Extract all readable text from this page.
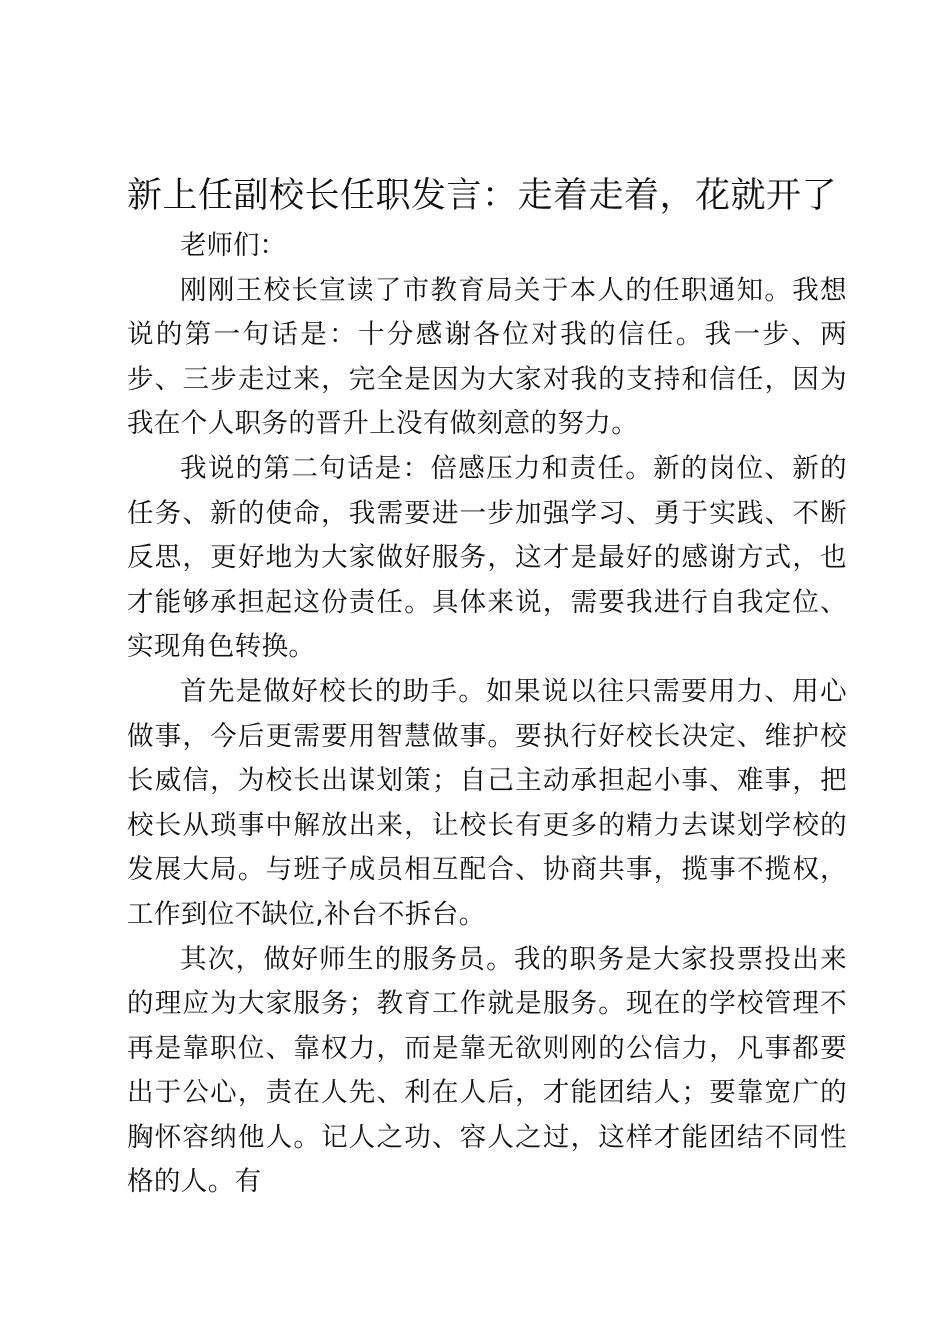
新上任副校长任职发言：走着走着，花就开了

老师们：

刚刚王校长宣读了市教育局关于本人的任职通知。我想说的第一句话是：十分感谢各位对我的信任。我一步、两步、三步走过来，完全是因为大家对我的支持和信任，因为我在个人职务的晋升上没有做刻意的努力。

我说的第二句话是：倍感压力和责任。新的岗位、新的任务、新的使命，我需要进一步加强学习、勇于实践、不断反思，更好地为大家做好服务，这才是最好的感谢方式，也才能够承担起这份责任。具体来说，需要我进行自我定位、实现角色转换。

首先是做好校长的助手。如果说以往只需要用力、用心做事，今后更需要用智慧做事。要执行好校长决定、维护校长威信，为校长出谋划策；自己主动承担起小事、难事，把校长从琐事中解放出来，让校长有更多的精力去谋划学校的发展大局。与班子成员相互配合、协商共事，揽事不揽权，工作到位不缺位,补台不拆台。

其次，做好师生的服务员。我的职务是大家投票投出来的理应为大家服务；教育工作就是服务。现在的学校管理不再是靠职位、靠权力，而是靠无欲则刚的公信力，凡事都要出于公心，责在人先、利在人后，才能团结人；要靠宽广的胸怀容纳他人。记人之功、容人之过，这样才能团结不同性格的人。有
